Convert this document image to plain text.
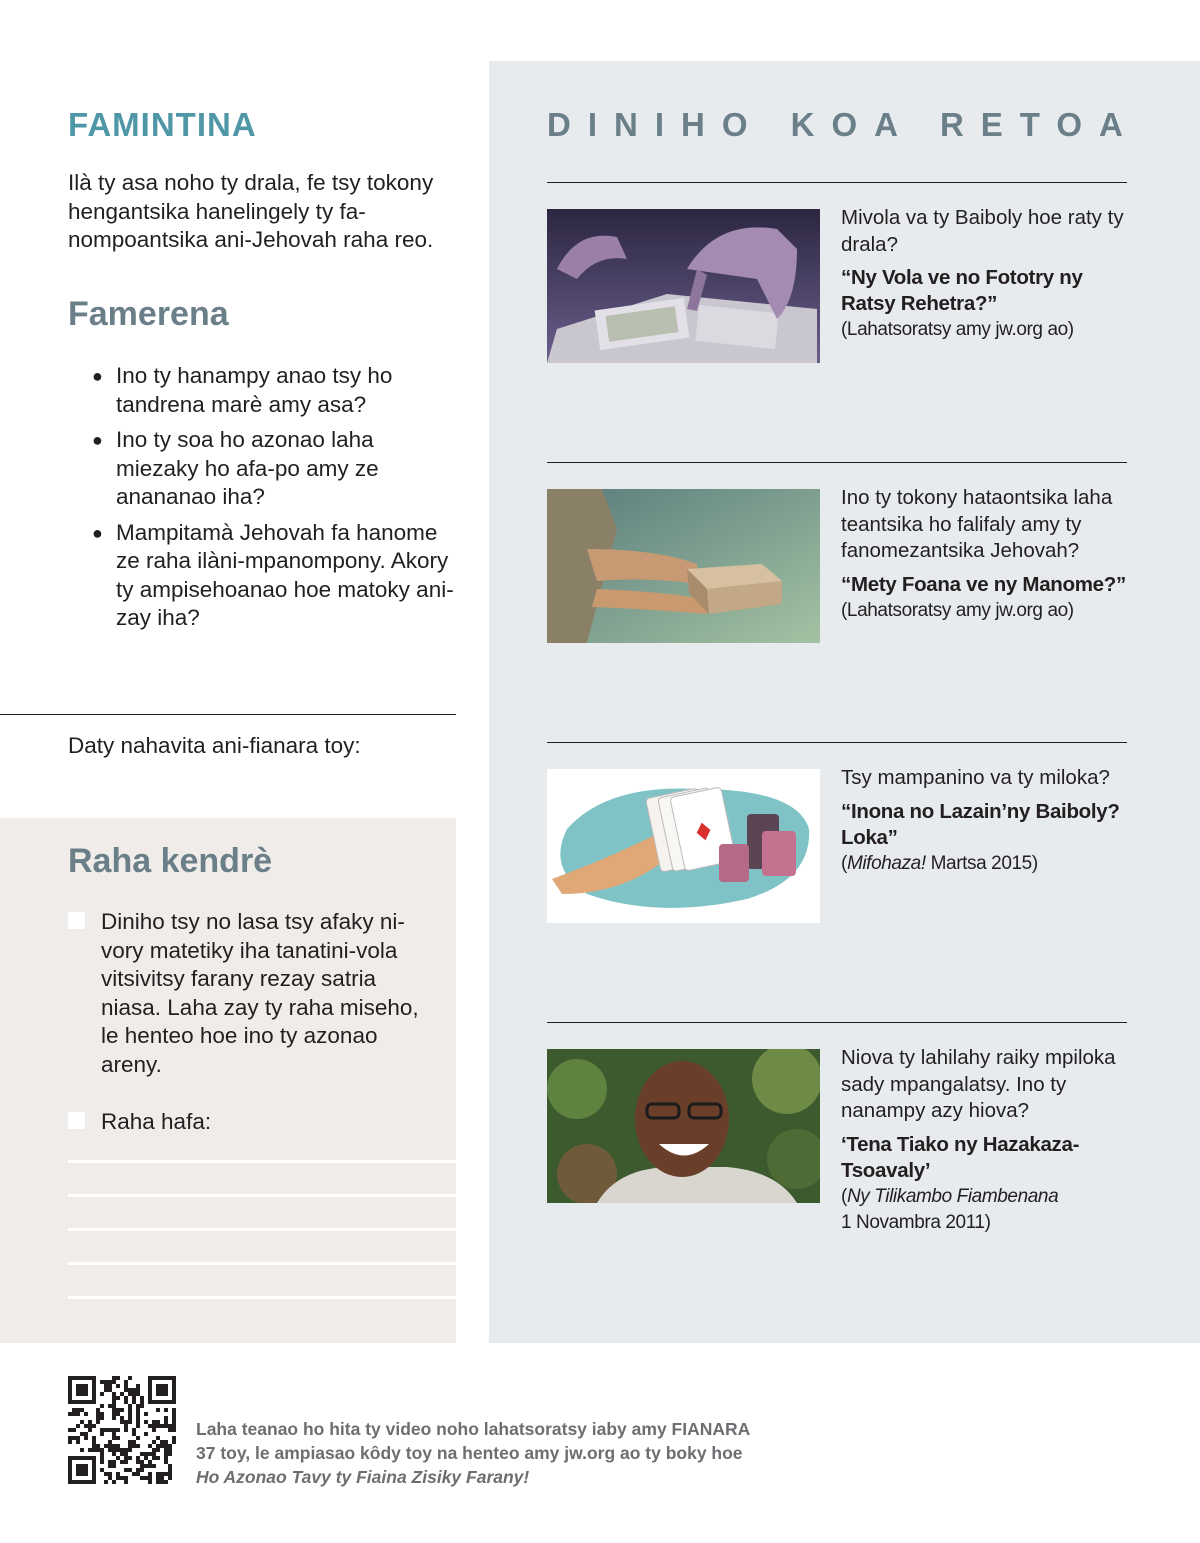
FAMINTINA
Ilà ty asa noho ty drala, fe tsy tokony hengantsika hanelingely ty fa-nompoantsika ani-Jehovah raha reo.
Famerena
● Ino ty hanampy anao tsy ho tandrena marè amy asa?
● Ino ty soa ho azonao laha miezaky ho afa-po amy ze anananao iha?
● Mampitamà Jehovah fa hanome ze raha ilàni-mpanompony. Akory ty ampisehoanao hoe matoky ani-zay iha?
Daty nahavita ani-fianara toy:
Raha kendrè
Diniho tsy no lasa tsy afaky ni-vory matetiky iha tanatini-vola vitsivitsy farany rezay satria niasa. Laha zay ty raha miseho, le henteo hoe ino ty azonao areny.
Raha hafa:
DINIHO KOA RETOA
Mivola va ty Baiboly hoe raty ty drala?
“Ny Vola ve no Fototry ny Ratsy Rehetra?”
(Lahatsoratsy amy jw.org ao)
Ino ty tokony hataontsika laha teantsika ho falifaly amy ty fanomezantsika Jehovah?
“Mety Foana ve ny Manome?”
(Lahatsoratsy amy jw.org ao)
Tsy mampanino va ty miloka?
“Inona no Lazain’ny Baiboly? Loka”
(Mifohaza! Martsa 2015)
Niova ty lahilahy raiky mpiloka sady mpangalatsy. Ino ty nanampy azy hiova?
‘Tena Tiako ny Hazakaza-Tsoavaly’
(Ny Tilikambo Fiambenana
1 Novambra 2011)
Laha teanao ho hita ty video noho lahatsoratsy iaby amy FIANARA 37 toy, le ampiasao kôdy toy na henteo amy jw.org ao ty boky hoe Ho Azonao Tavy ty Fiaina Zisiky Farany!
